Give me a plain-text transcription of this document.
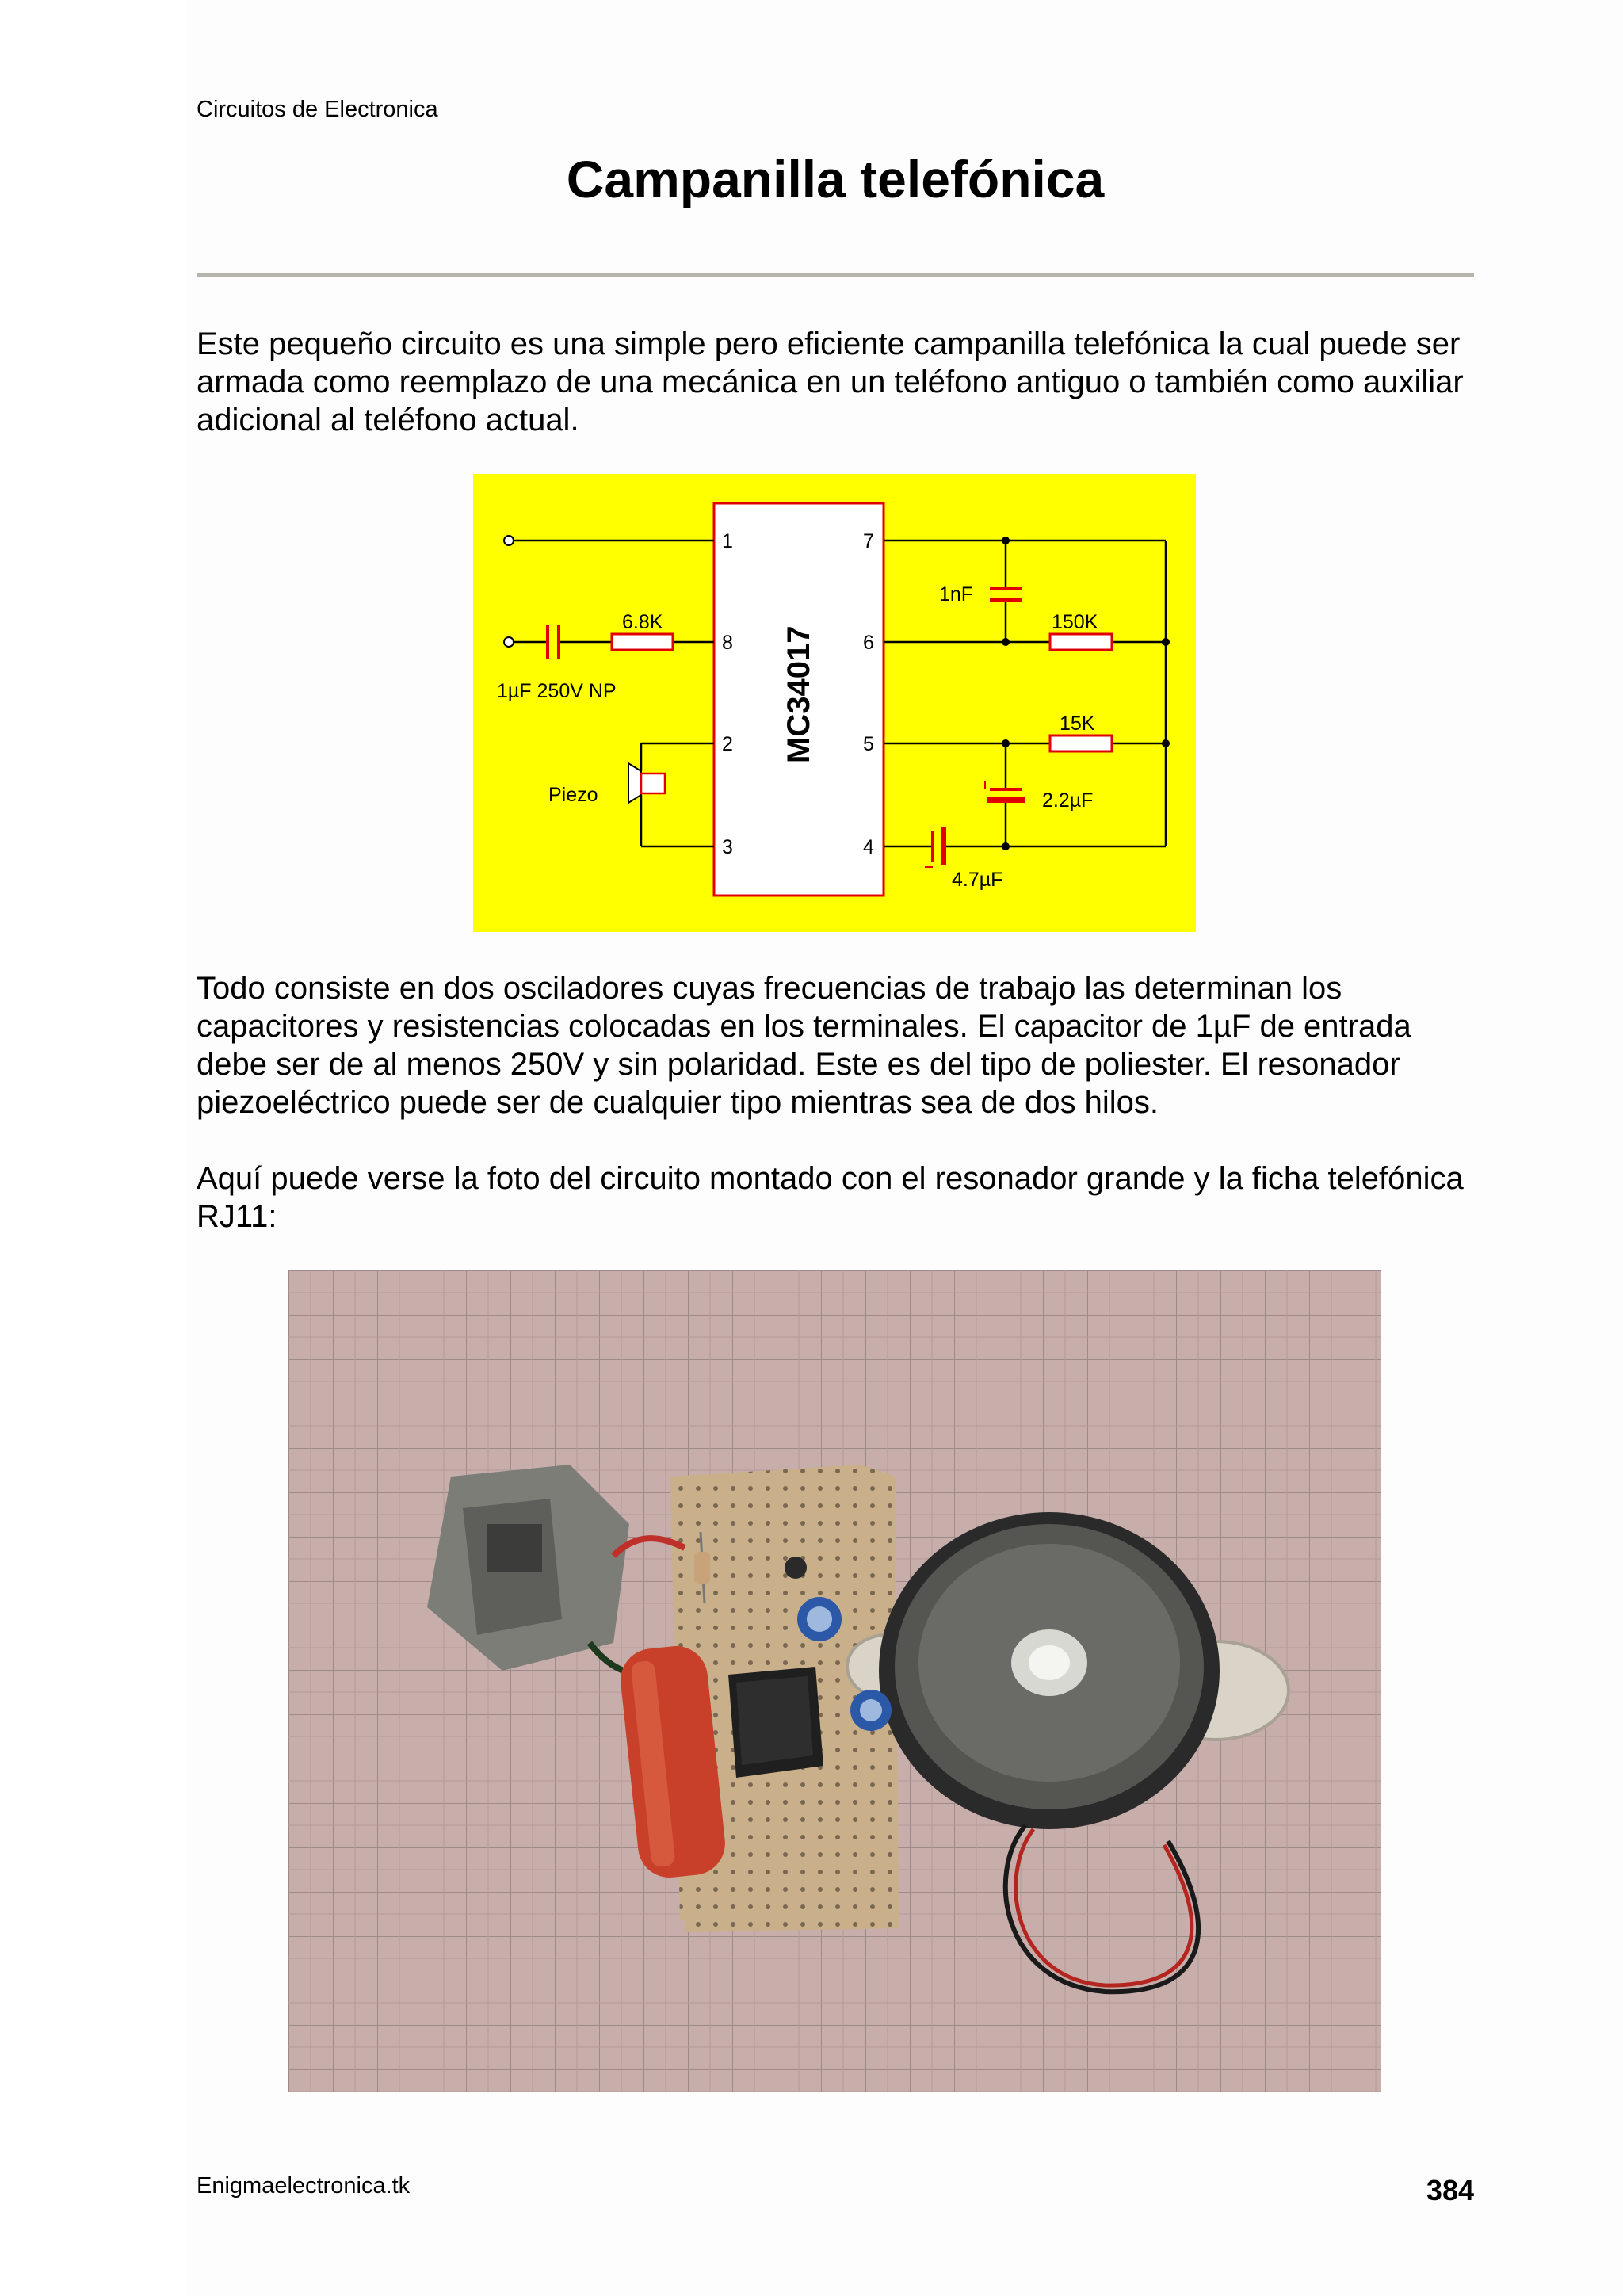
Circuitos de Electronica
Campanilla telefónica

Este pequeño circuito es una simple pero eficiente campanilla telefónica la cual puede ser armada como reemplazo de una mecánica en un teléfono antiguo o también como auxiliar adicional al teléfono actual.

MC34017
1µF 250V NP
6.8K
Piezo
1
8
2
3
7
6
5
4
1nF
150K
15K
2.2µF
4.7µF

Todo consiste en dos osciladores cuyas frecuencias de trabajo las determinan los capacitores y resistencias colocadas en los terminales. El capacitor de 1µF de entrada debe ser de al menos 250V y sin polaridad. Este es del tipo de poliester. El resonador piezoeléctrico puede ser de cualquier tipo mientras sea de dos hilos.

Aquí puede verse la foto del circuito montado con el resonador grande y la ficha telefónica RJ11:

Enigmaelectronica.tk	384
